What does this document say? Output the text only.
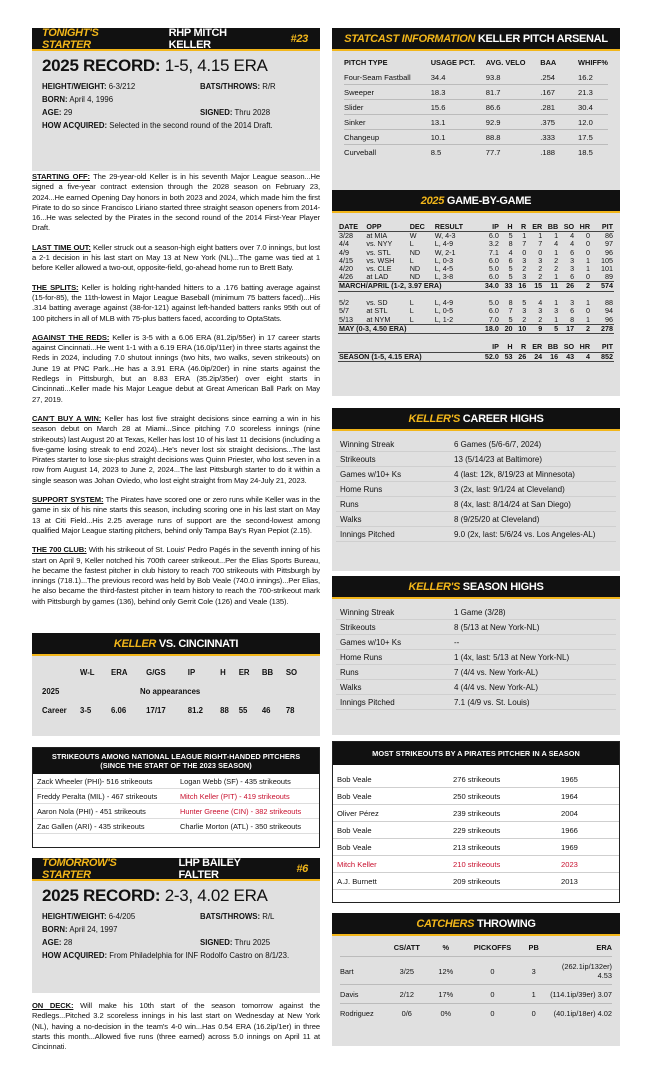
TONIGHT'S STARTER
RHP MITCH KELLER	#23
2025 RECORD: 1-5, 4.15 ERA
HEIGHT/WEIGHT: 6-3/212	BATS/THROWS: R/R
BORN: April 4, 1996
AGE: 29	SIGNED: Thru 2028
HOW ACQUIRED: Selected in the second round of the 2014 Draft.

STARTING OFF: The 29-year-old Keller is in his seventh Major League season...He signed a five-year contract extension through the 2028 season on February 23, 2024...He earned Opening Day honors in both 2023 and 2024, which made him the first Pirate to do so since Francisco Liriano started three straight season openers from 2014-16...He was selected by the Pirates in the second round of the 2014 First-Year Player Draft.

LAST TIME OUT: Keller struck out a season-high eight batters over 7.0 innings, but lost a 2-1 decision in his last start on May 13 at New York (NL)...The game was tied at 1 before Keller allowed a two-out, opposite-field, go-ahead home run to Brett Baty.

THE SPLITS: Keller is holding right-handed hitters to a .176 batting average against (15-for-85), the 11th-lowest in Major League Baseball (minimum 75 batters faced)...His .314 batting average against (38-for-121) against left-handed batters ranks 95th out of 100 pitchers in all of MLB with 75-plus batters faced, according to OptaStats.

AGAINST THE REDS: Keller is 3-5 with a 6.06 ERA (81.2ip/55er) in 17 career starts against Cincinnati...He went 1-1 with a 6.19 ERA (16.0ip/11er) in three starts against the Reds in 2024, including 7.0 shutout innings (two hits, two walks, seven strikeouts) on June 19 at PNC Park...He has a 3.91 ERA (46.0ip/20er) in nine starts against the Redlegs in Pittsburgh, but an 8.83 ERA (35.2ip/35er) over eight starts in Cincinnati...Keller made his Major League debut at Great American Ball Park on May 27, 2019.

CAN'T BUY A WIN: Keller has lost five straight decisions since earning a win in his season debut on March 28 at Miami...Since pitching 7.0 scoreless innings (nine strikeouts) last August 20 at Texas, Keller has lost 10 of his last 11 decisions (including a five-game losing streak to end 2024)...He's never lost six straight decisions...The last Pirates starter to lose six-plus straight decisions was Quinn Priester, who lost seven in a row from August 14, 2023 to June 2, 2024...The last Pittsburgh starter to do it within a single season was Johan Oviedo, who lost eight straight from May 24-July 21, 2023.

SUPPORT SYSTEM: The Pirates have scored one or zero runs while Keller was in the game in six of his nine starts this season, including scoring one in his last start on May 13 at Citi Field...His 2.25 average runs of support are the second-lowest among qualified Major League starting pitchers, behind only Tampa Bay's Ryan Pepiot (2.15).

THE 700 CLUB: With his strikeout of St. Louis' Pedro Pagés in the seventh inning of his start on April 9, Keller notched his 700th career strikeout...Per the Elias Sports Bureau, he became the fastest pitcher in club history to reach 700 strikeouts with Pittsburgh by innings (718.1)...The previous record was held by Bob Veale (740.0 innings)...Per Elias, he also became the third-fastest pitcher in team history to reach the 700-strikeout mark with Pittsburgh by games (136), behind only Gerrit Cole (126) and Veale (135).

KELLER
VS. CINCINNATI
	W-L	ERA	G/GS	IP	H	ER	BB	SO

2025	No appearances							

Career	3-5	6.06	17/17	81.2	88	55	46	78
STRIKEOUTS AMONG NATIONAL LEAGUE RIGHT-HANDED PITCHERS
(SINCE THE START OF THE 2023 SEASON)
Zack Wheeler (PHI)- 516 strikeouts	Logan Webb (SF) - 435 strikeouts
Freddy Peralta (MIL) - 467 strikeouts	Mitch Keller (PIT) - 419 strikeouts
Aaron Nola (PHI) - 451 strikeouts	Hunter Greene (CIN) - 382 strikeouts
Zac Gallen (ARI) - 435 strikeouts	Charlie Morton (ATL) - 350 strikeouts
TOMORROW'S STARTER
LHP BAILEY FALTER	#6
2025 RECORD: 2-3, 4.02 ERA
HEIGHT/WEIGHT: 6-4/205	BATS/THROWS: R/L
BORN: April 24, 1997
AGE: 28	SIGNED: Thru 2025
HOW ACQUIRED: From Philadelphia for INF Rodolfo Castro on 8/1/23.

ON DECK: Will make his 10th start of the season tomorrow against the Redlegs...Pitched 3.2 scoreless innings in his last start on Wednesday at New York (NL), having a no-decision in the team's 4-0 win...Has 0.54 ERA (16.2ip/1er) in three starts this month...Allowed five runs (three earned) across 5.0 innings on April 11 at Cincinnati.

STATCAST INFORMATION
KELLER PITCH ARSENAL
PITCH TYPE	USAGE PCT.	AVG. VELO	BAA	WHIFF%
Four-Seam Fastball	34.4	93.8	.254	16.2
Sweeper	18.3	81.7	.167	21.3
Slider	15.6	86.6	.281	30.4
Sinker	13.1	92.9	.375	12.0
Changeup	10.1	88.8	.333	17.5
Curveball	8.5	77.7	.188	18.5
2025
GAME-BY-GAME
DATE	OPP	DEC	RESULT	IP	H	R	ER	BB	SO	HR	PIT
3/28	at MIA	W	W, 4-3	6.0	5	1	1	1	4	0	86
4/4	vs. NYY	L	L, 4-9	3.2	8	7	7	4	4	0	97
4/9	vs. STL	ND	W, 2-1	7.1	4	0	0	1	6	0	96
4/15	vs. WSH	L	L, 0-3	6.0	6	3	3	2	3	1	105
4/20	vs. CLE	ND	L, 4-5	5.0	5	2	2	2	3	1	101
4/26	at LAD	ND	L, 3-8	6.0	5	3	2	1	6	0	89
MARCH/APRIL (1-2, 3.97 ERA)				34.0	33	16	15	11	26	2	574

5/2	vs. SD	L	L, 4-9	5.0	8	5	4	1	3	1	88
5/7	at STL	L	L, 0-5	6.0	7	3	3	3	6	0	94
5/13	at NYM	L	L, 1-2	7.0	5	2	2	1	8	1	96
MAY (0-3, 4.50 ERA)				18.0	20	10	9	5	17	2	278

				IP	H	R	ER	BB	SO	HR	PIT
SEASON (1-5, 4.15 ERA)				52.0	53	26	24	16	43	4	852
KELLER'S
CAREER HIGHS
Winning Streak	6 Games (5/6-6/7, 2024)
Strikeouts	13 (5/14/23 at Baltimore)
Games w/10+ Ks	4 (last: 12k, 8/19/23 at Minnesota)
Home Runs	3 (2x, last: 9/1/24 at Cleveland)
Runs	8 (4x, last: 8/14/24 at San Diego)
Walks	8 (9/25/20 at Cleveland)
Innings Pitched	9.0 (2x, last: 5/6/24 vs. Los Angeles-AL)
KELLER'S
SEASON HIGHS
Winning Streak	1 Game (3/28)
Strikeouts	8 (5/13 at New York-NL)
Games w/10+ Ks	--
Home Runs	1 (4x, last: 5/13 at New York-NL)
Runs	7 (4/4 vs. New York-AL)
Walks	4 (4/4 vs. New York-AL)
Innings Pitched	7.1 (4/9 vs. St. Louis)
MOST STRIKEOUTS BY A PIRATES PITCHER IN A SEASON
Bob Veale	276 strikeouts	1965
Bob Veale	250 strikeouts	1964
Oliver Pérez	239 strikeouts	2004
Bob Veale	229 strikeouts	1966
Bob Veale	213 strikeouts	1969
Mitch Keller	210 strikeouts	2023
A.J. Burnett	209 strikeouts	2013
CATCHERS
THROWING
	CS/ATT	%	PICKOFFS	PB	ERA
Bart	3/25	12%	0	3	(262.1ip/132er) 4.53
Davis	2/12	17%	0	1	(114.1ip/39er) 3.07
Rodriguez	0/6	0%	0	0	(40.1ip/18er) 4.02
